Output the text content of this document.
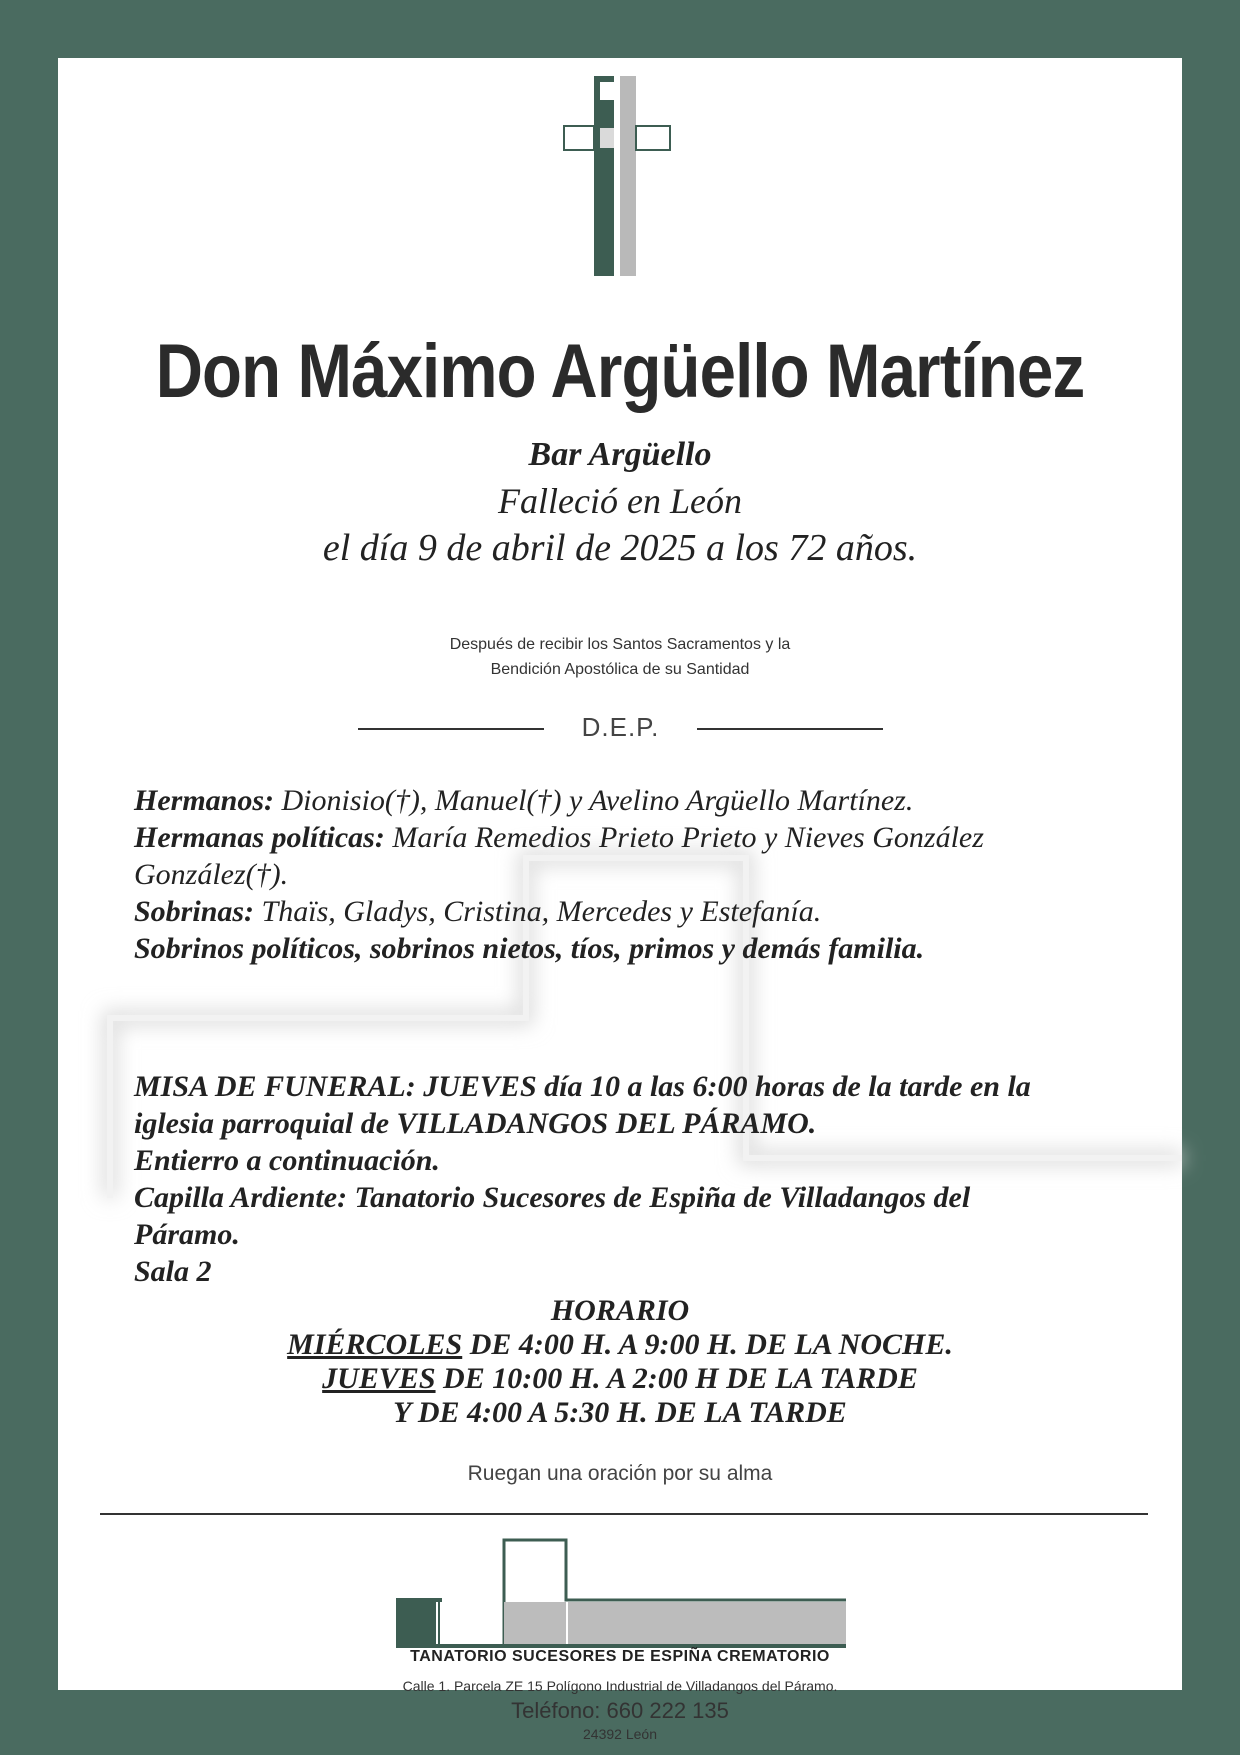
Don Máximo Argüello Martínez
Bar Argüello
Falleció en León
el día 9 de abril de 2025 a los 72 años.
Después de recibir los Santos Sacramentos y la
Bendición Apostólica de su Santidad
D.E.P.
Hermanos: Dionisio(†), Manuel(†) y Avelino Argüello Martínez.
Hermanas políticas: María Remedios Prieto Prieto y Nieves González
González(†).
Sobrinas: Thaïs, Gladys, Cristina, Mercedes y Estefanía.
Sobrinos políticos, sobrinos nietos, tíos, primos y demás familia.

MISA DE FUNERAL: JUEVES día 10 a las 6:00 horas de la tarde en la

iglesia parroquial de VILLADANGOS DEL PÁRAMO.

Entierro a continuación.

Capilla Ardiente: Tanatorio Sucesores de Espiña de Villadangos del

Páramo.

Sala 2

HORARIO
MIÉRCOLES DE 4:00 H. A 9:00 H. DE LA NOCHE.
JUEVES DE 10:00 H. A 2:00 H DE LA TARDE
Y DE 4:00 A 5:30 H. DE LA TARDE
Ruegan una oración por su alma
TANATORIO SUCESORES DE ESPIÑA CREMATORIO
Calle 1. Parcela ZE 15 Polígono Industrial de Villadangos del Páramo.
Teléfono: 660 222 135
24392 León
